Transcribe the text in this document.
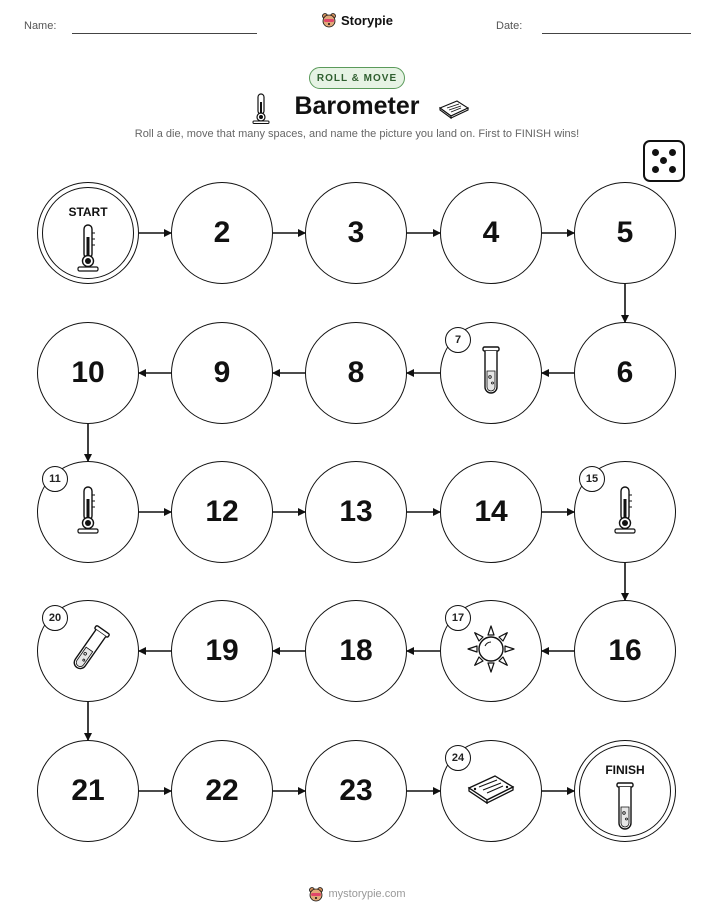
Name:	Storypie	Date:
ROLL & MOVE
Barometer
Roll a die, move that many spaces, and name the picture you land on. First to FINISH wins!
START
2	3	4	5
6
7
8
9
10
11
12	13	14
15
16
17
18
19
20
21	22	23
24
FINISH
mystorypie.com
